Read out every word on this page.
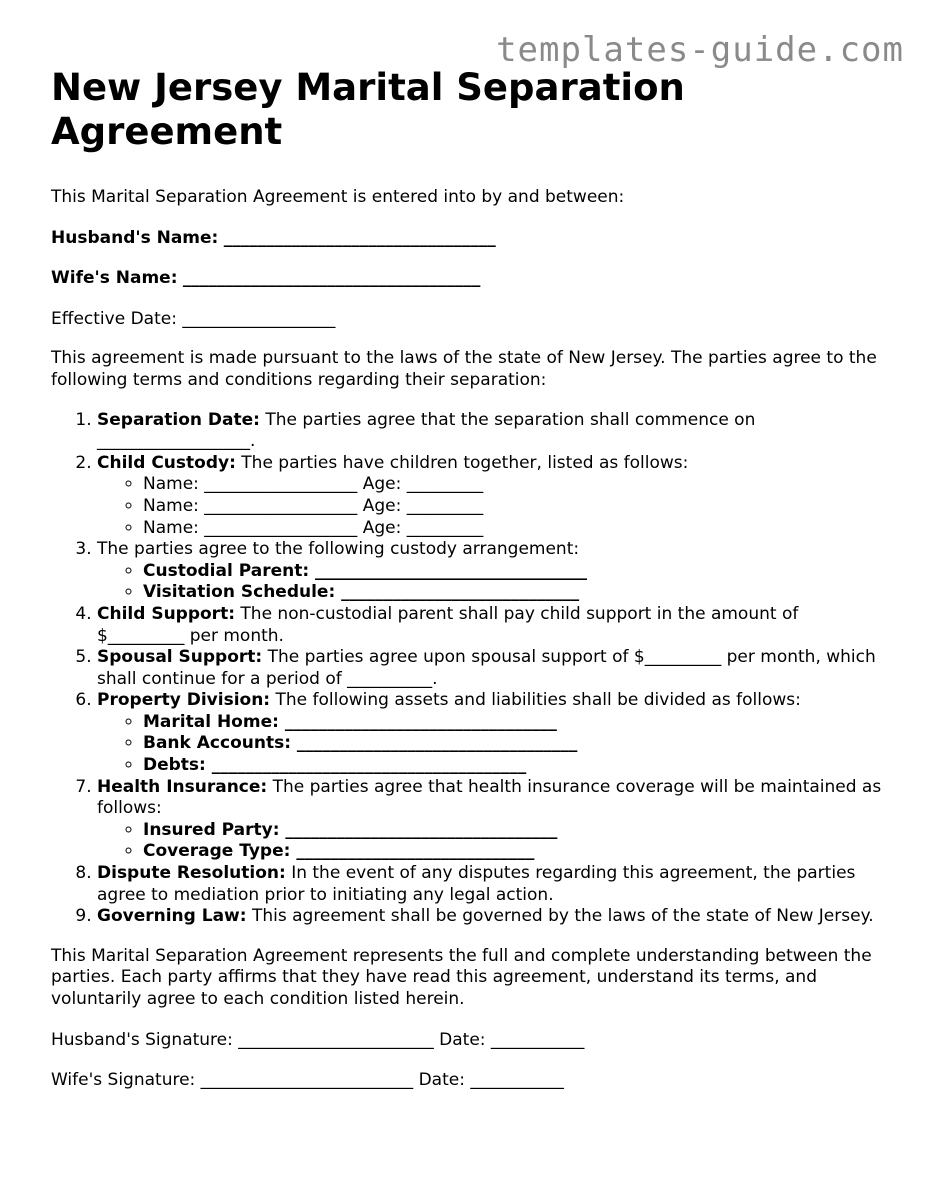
templates-guide.com
New Jersey Marital Separation Agreement

This Marital Separation Agreement is entered into by and between:

Husband's Name: ________________________________

Wife's Name: ___________________________________

Effective Date: __________________

This agreement is made pursuant to the laws of the state of New Jersey. The parties agree to the following terms and conditions regarding their separation:

1. Separation Date: The parties agree that the separation shall commence on __________________.
2. Child Custody: The parties have children together, listed as follows:
◦ Name: __________________ Age: _________
◦ Name: __________________ Age: _________
◦ Name: __________________ Age: _________
3. The parties agree to the following custody arrangement:
◦ Custodial Parent: ________________________________
◦ Visitation Schedule: ____________________________
4. Child Support: The non-custodial parent shall pay child support in the amount of $_________ per month.
5. Spousal Support: The parties agree upon spousal support of $_________ per month, which shall continue for a period of __________.
6. Property Division: The following assets and liabilities shall be divided as follows:
◦ Marital Home: ________________________________
◦ Bank Accounts: _________________________________
◦ Debts: _____________________________________
7. Health Insurance: The parties agree that health insurance coverage will be maintained as follows:
◦ Insured Party: ________________________________
◦ Coverage Type: ____________________________
8. Dispute Resolution: In the event of any disputes regarding this agreement, the parties agree to mediation prior to initiating any legal action.
9. Governing Law: This agreement shall be governed by the laws of the state of New Jersey.

This Marital Separation Agreement represents the full and complete understanding between the parties. Each party affirms that they have read this agreement, understand its terms, and voluntarily agree to each condition listed herein.

Husband's Signature: _______________________ Date: ___________

Wife's Signature: _________________________ Date: ___________
